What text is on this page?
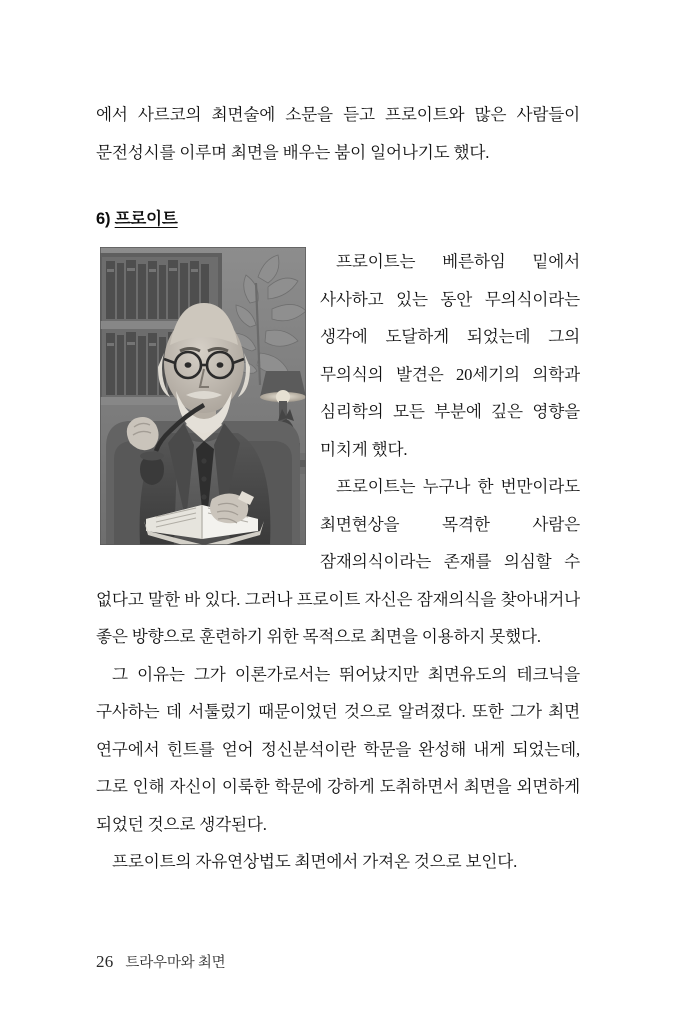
에서 사르코의 최면술에 소문을 듣고 프로이트와 많은 사람들이 문전성시를 이루며 최면을 배우는 붐이 일어나기도 했다.

6) 프로이트

프로이트는 베른하임 밑에서 사사하고 있는 동안 무의식이라는 생각에 도달하게 되었는데 그의 무의식의 발견은 20세기의 의학과 심리학의 모든 부분에 깊은 영향을 미치게 했다.

프로이트는 누구나 한 번만이라도 최면현상을 목격한 사람은 잠재의식이라는 존재를 의심할 수 없다고 말한 바 있다. 그러나 프로이트 자신은 잠재의식을 찾아내거나 좋은 방향으로 훈련하기 위한 목적으로 최면을 이용하지 못했다.

그 이유는 그가 이론가로서는 뛰어났지만 최면유도의 테크닉을 구사하는 데 서툴렀기 때문이었던 것으로 알려졌다. 또한 그가 최면 연구에서 힌트를 얻어 정신분석이란 학문을 완성해 내게 되었는데, 그로 인해 자신이 이룩한 학문에 강하게 도취하면서 최면을 외면하게 되었던 것으로 생각된다.

프로이트의 자유연상법도 최면에서 가져온 것으로 보인다.

26 트라우마와 최면
